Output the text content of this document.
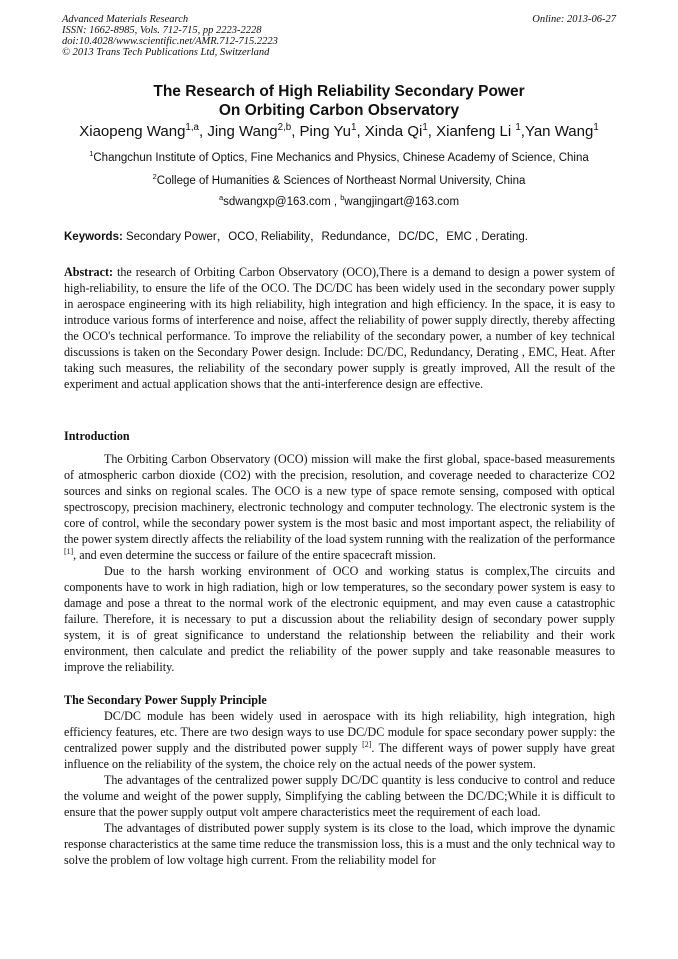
Advanced Materials Research
ISSN: 1662-8985, Vols. 712-715, pp 2223-2228
doi:10.4028/www.scientific.net/AMR.712-715.2223
© 2013 Trans Tech Publications Ltd, Switzerland
Online: 2013-06-27
The Research of High Reliability Secondary Power
On Orbiting Carbon Observatory
Xiaopeng Wang$^{1,a}$, Jing Wang$^{2,b}$, Ping Yu$^1$, Xinda Qi$^1$, Xianfeng Li $^1$,Yan Wang$^1$
$^1$Changchun Institute of Optics, Fine Mechanics and Physics, Chinese Academy of Science, China
$^2$College of Humanities & Sciences of Northeast Normal University, China
$^a$sdwangxp@163.com , $^b$wangjingart@163.com
Keywords: Secondary Power，OCO, Reliability，Redundance，DC/DC，EMC , Derating.

Abstract: the research of Orbiting Carbon Observatory (OCO),There is a demand to design a power system of high-reliability, to ensure the life of the OCO. The DC/DC has been widely used in the secondary power supply in aerospace engineering with its high reliability, high integration and high efficiency. In the space, it is easy to introduce various forms of interference and noise, affect the reliability of power supply directly, thereby affecting the OCO's technical performance. To improve the reliability of the secondary power, a number of key technical discussions is taken on the Secondary Power design. Include: DC/DC, Redundancy, Derating , EMC, Heat. After taking such measures, the reliability of the secondary power supply is greatly improved, All the result of the experiment and actual application shows that the anti-interference design are effective.

Introduction

The Orbiting Carbon Observatory (OCO) mission will make the first global, space-based measurements of atmospheric carbon dioxide (CO2) with the precision, resolution, and coverage needed to characterize CO2 sources and sinks on regional scales. The OCO is a new type of space remote sensing, composed with optical spectroscopy, precision machinery, electronic technology and computer technology. The electronic system is the core of control, while the secondary power system is the most basic and most important aspect, the reliability of the power system directly affects the reliability of the load system running with the realization of the performance [1], and even determine the success or failure of the entire spacecraft mission.

Due to the harsh working environment of OCO and working status is complex,The circuits and components have to work in high radiation, high or low temperatures, so the secondary power system is easy to damage and pose a threat to the normal work of the electronic equipment, and may even cause a catastrophic failure. Therefore, it is necessary to put a discussion about the reliability design of secondary power supply system, it is of great significance to understand the relationship between the reliability and their work environment, then calculate and predict the reliability of the power supply and take reasonable measures to improve the reliability.

The Secondary Power Supply Principle

DC/DC module has been widely used in aerospace with its high reliability, high integration, high efficiency features, etc. There are two design ways to use DC/DC module for space secondary power supply: the centralized power supply and the distributed power supply [2]. The different ways of power supply have great influence on the reliability of the system, the choice rely on the actual needs of the power system.

The advantages of the centralized power supply DC/DC quantity is less conducive to control and reduce the volume and weight of the power supply, Simplifying the cabling between the DC/DC;While it is difficult to ensure that the power supply output volt ampere characteristics meet the requirement of each load.

The advantages of distributed power supply system is its close to the load, which improve the dynamic response characteristics at the same time reduce the transmission loss, this is a must and the only technical way to solve the problem of low voltage high current. From the reliability model for
